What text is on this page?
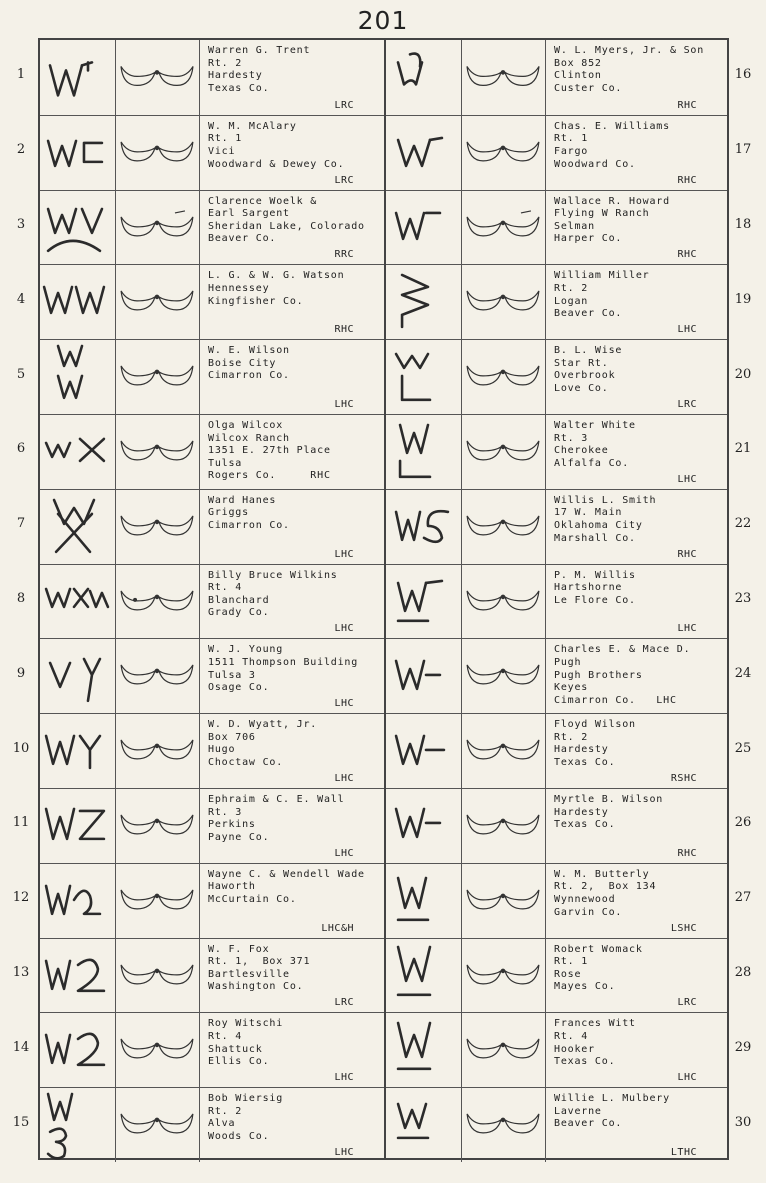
201
Warren G. Trent
Rt. 2
Hardesty
Texas Co.
LRC
W. M. McAlary
Rt. 1
Vici
Woodward & Dewey Co.
LRC
Clarence Woelk &
Earl Sargent
Sheridan Lake, Colorado
Beaver Co.
RRC
L. G. & W. G. Watson
Hennessey
Kingfisher Co.
RHC
W. E. Wilson
Boise City
Cimarron Co.
LHC
Olga Wilcox
Wilcox Ranch
1351 E. 27th Place
Tulsa
Rogers Co.     RHC
Ward Hanes
Griggs
Cimarron Co.
LHC
Billy Bruce Wilkins
Rt. 4
Blanchard
Grady Co.
LHC
W. J. Young
1511 Thompson Building
Tulsa 3
Osage Co.
LHC
W. D. Wyatt, Jr.
Box 706
Hugo
Choctaw Co.
LHC
Ephraim & C. E. Wall
Rt. 3
Perkins
Payne Co.
LHC
Wayne C. & Wendell Wade
Haworth
McCurtain Co.
LHC&H
W. F. Fox
Rt. 1,  Box 371
Bartlesville
Washington Co.
LRC
Roy Witschi
Rt. 4
Shattuck
Ellis Co.
LHC
Bob Wiersig
Rt. 2
Alva
Woods Co.
LHC
W. L. Myers, Jr. & Son
Box 852
Clinton
Custer Co.
RHC
Chas. E. Williams
Rt. 1
Fargo
Woodward Co.
RHC
Wallace R. Howard
Flying W Ranch
Selman
Harper Co.
RHC
William Miller
Rt. 2
Logan
Beaver Co.
LHC
B. L. Wise
Star Rt.
Overbrook
Love Co.
LRC
Walter White
Rt. 3
Cherokee
Alfalfa Co.
LHC
Willis L. Smith
17 W. Main
Oklahoma City
Marshall Co.
RHC
P. M. Willis
Hartshorne
Le Flore Co.
LHC
Charles E. & Mace D.
Pugh
Pugh Brothers
Keyes
Cimarron Co.   LHC
Floyd Wilson
Rt. 2
Hardesty
Texas Co.
RSHC
Myrtle B. Wilson
Hardesty
Texas Co.
RHC
W. M. Butterly
Rt. 2,  Box 134
Wynnewood
Garvin Co.
LSHC
Robert Womack
Rt. 1
Rose
Mayes Co.
LRC
Frances Witt
Rt. 4
Hooker
Texas Co.
LHC
Willie L. Mulbery
Laverne
Beaver Co.
LTHC
1
2
3
4
5
6
7
8
9
10
11
12
13
14
15
16
17
18
19
20
21
22
23
24
25
26
27
28
29
30
